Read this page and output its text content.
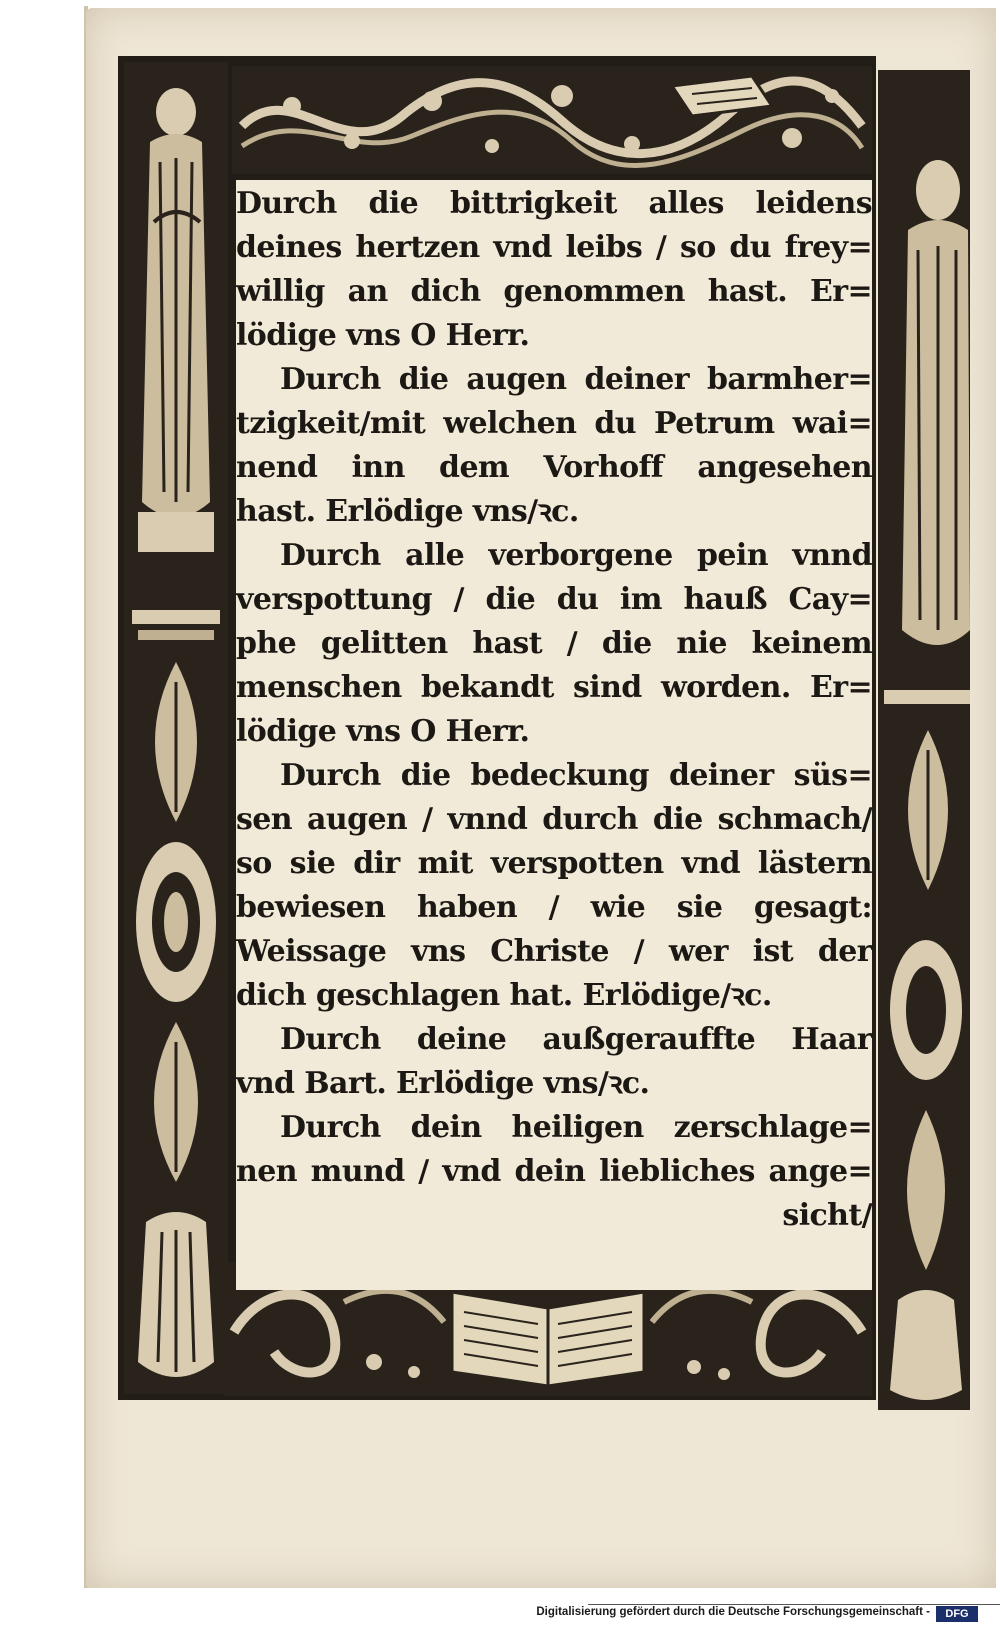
Durch die bittrigkeit alles leidens
deines hertzen vnd leibs / so du frey=
willig an dich genommen hast. Er=
lödige vns O Herr.
Durch die augen deiner barmher=
tzigkeit/mit welchen du Petrum wai=
nend inn dem Vorhoff angesehen
hast. Erlödige vns/ꝛc.
Durch alle verborgene pein vnnd
verspottung / die du im hauß Cay=
phe gelitten hast / die nie keinem
menschen bekandt sind worden. Er=
lödige vns O Herr.
Durch die bedeckung deiner süs=
sen augen / vnnd durch die schmach/
so sie dir mit verspotten vnd lästern
bewiesen haben / wie sie gesagt:
Weissage vns Christe / wer ist der
dich geschlagen hat. Erlödige/ꝛc.
Durch deine außgerauffte Haar
vnd Bart. Erlödige vns/ꝛc.
Durch dein heiligen zerschlage=
nen mund / vnd dein liebliches ange=
sicht/
Digitalisierung gefördert durch die Deutsche Forschungsgemeinschaft -	DFG
